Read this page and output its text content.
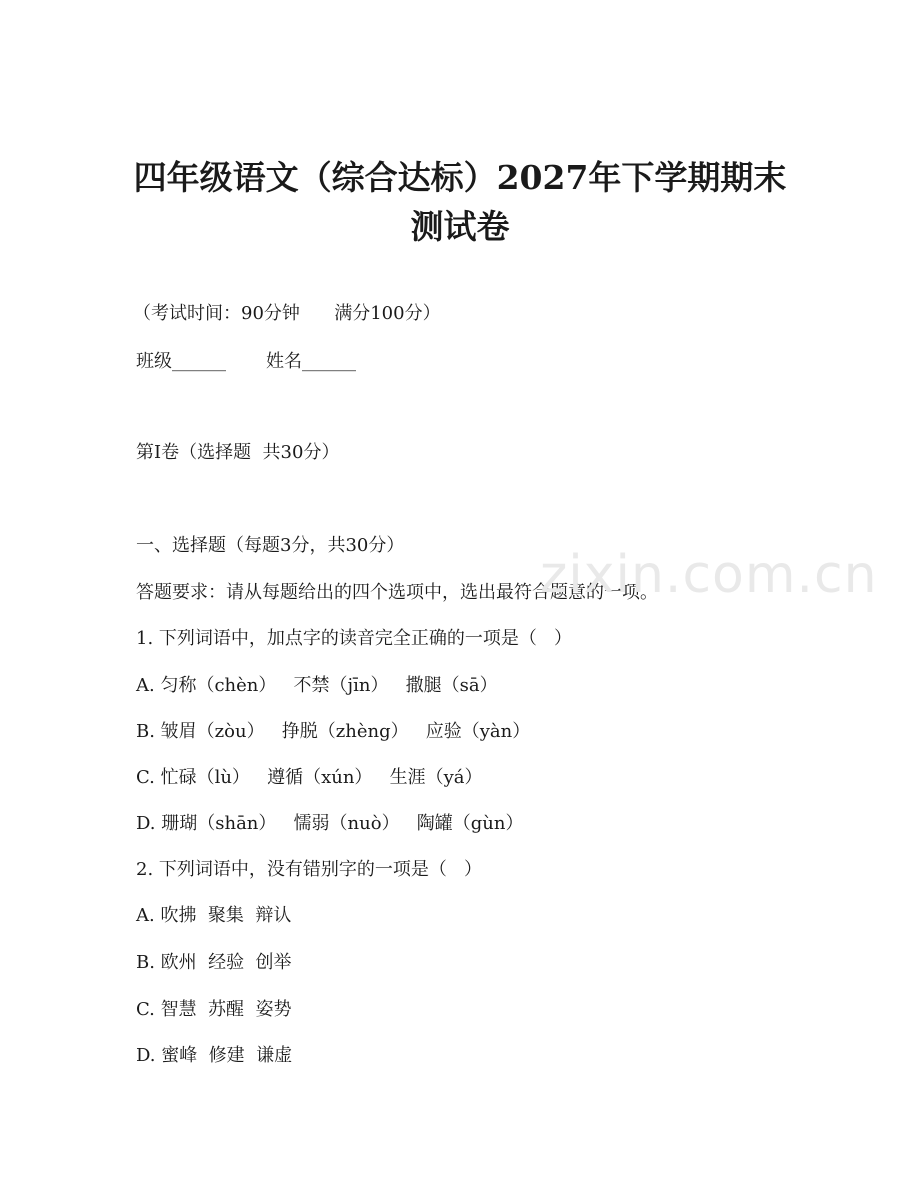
四年级语文（综合达标）2027年下学期期末
测试卷

（考试时间：90分钟      满分100分）

班级______       姓名______

第I卷（选择题  共30分）

一、选择题（每题3分，共30分）

答题要求：请从每题给出的四个选项中，选出最符合题意的一项。

1. 下列词语中，加点字的读音完全正确的一项是（   ）

A. 匀称（chèn）   不禁（jīn）   撒腿（sā）

B. 皱眉（zòu）   挣脱（zhèng）   应验（yàn）

C. 忙碌（lù）   遵循（xún）   生涯（yá）

D. 珊瑚（shān）   懦弱（nuò）   陶罐（gùn）

2. 下列词语中，没有错别字的一项是（   ）

A. 吹拂  聚集  辩认

B. 欧州  经验  创举

C. 智慧  苏醒  姿势

D. 蜜峰  修建  谦虚

zixin.com.cn
